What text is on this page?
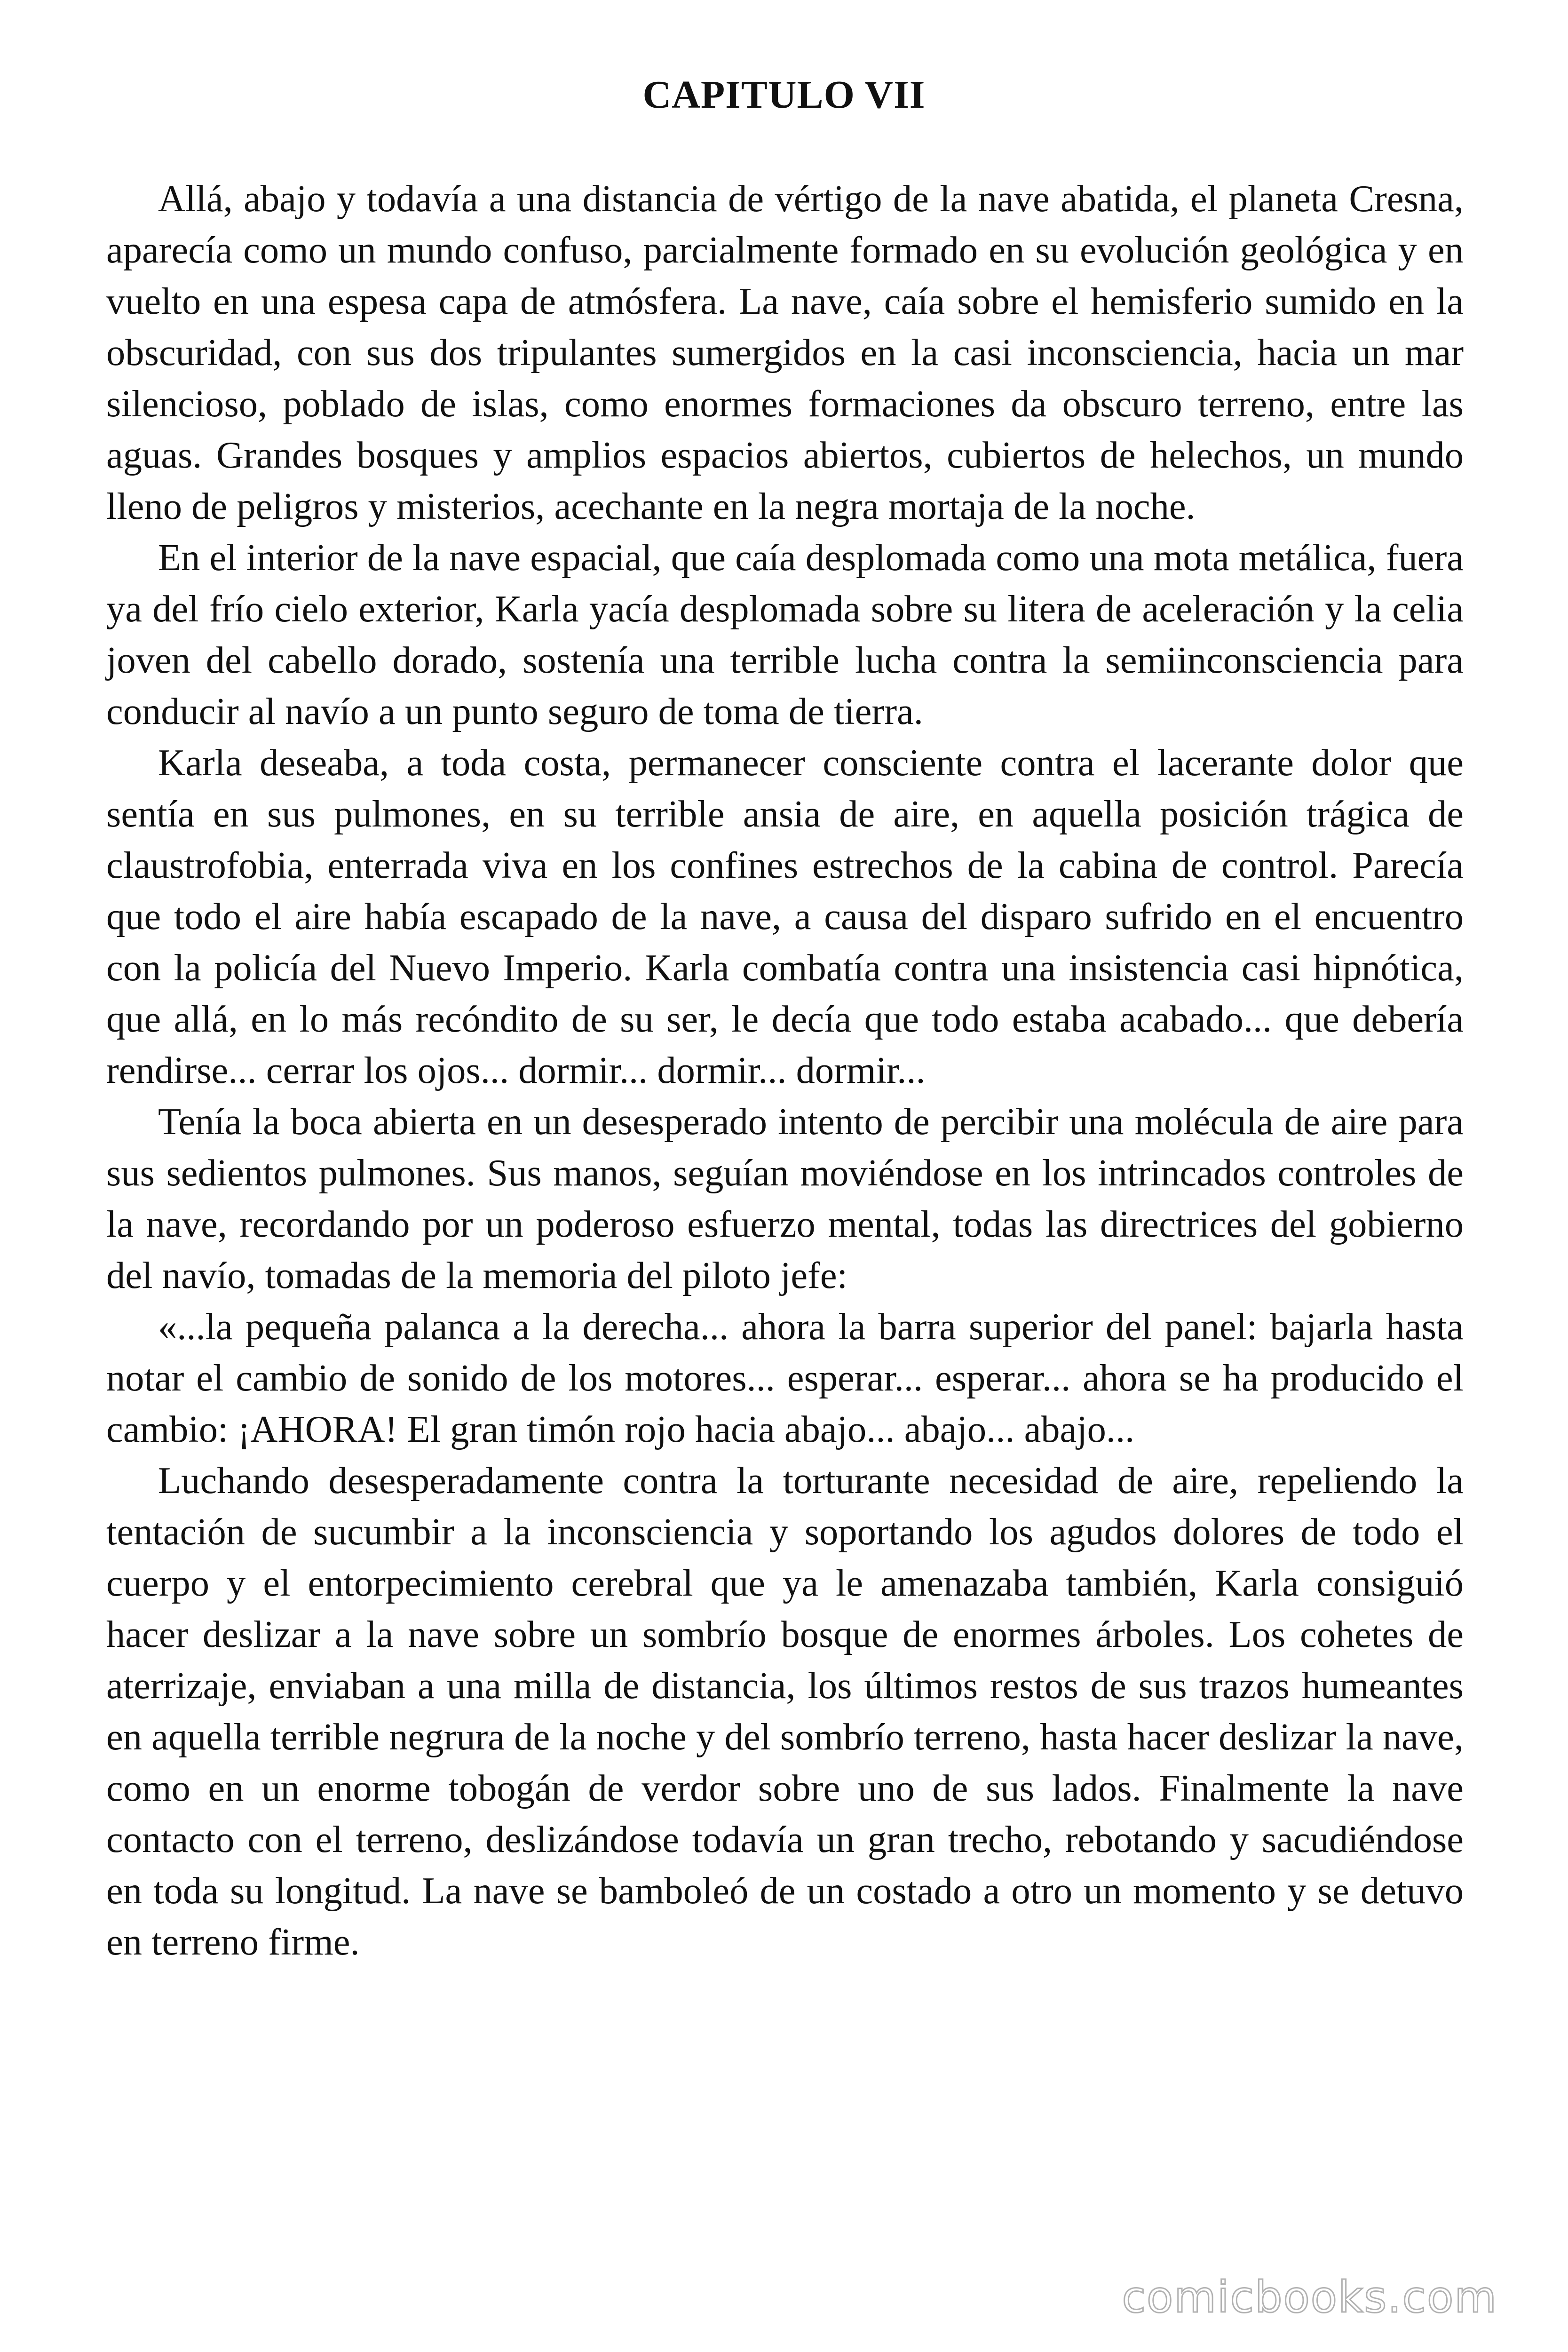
CAPITULO VII

Allá, abajo y todavía a una distancia de vértigo de la nave abatida, el planeta Cresna, aparecía como un mundo confuso, parcialmente formado en su evolución geológica y en vuelto en una espesa capa de atmósfera. La nave, caía sobre el hemisferio sumido en la obscuridad, con sus dos tripulantes sumergidos en la casi inconsciencia, hacia un mar silencioso, poblado de islas, como enormes formaciones da obscuro terreno, entre las aguas. Grandes bosques y amplios espacios abiertos, cubiertos de helechos, un mundo lleno de peligros y misterios, acechante en la negra mortaja de la noche.

En el interior de la nave espacial, que caía desplomada como una mota metálica, fuera ya del frío cielo exterior, Karla yacía desplomada sobre su litera de aceleración y la celia joven del cabello dorado, sostenía una terrible lucha contra la semiinconsciencia para conducir al navío a un punto seguro de toma de tierra.

Karla deseaba, a toda costa, permanecer consciente contra el lacerante dolor que sentía en sus pulmones, en su terrible ansia de aire, en aquella posición trágica de claustrofobia, enterrada viva en los confines estrechos de la cabina de control. Parecía que todo el aire había escapado de la nave, a causa del disparo sufrido en el encuentro con la policía del Nuevo Imperio. Karla combatía contra una insistencia casi hipnótica, que allá, en lo más recóndito de su ser, le decía que todo estaba acabado... que debería rendirse... cerrar los ojos... dormir... dormir... dormir...

Tenía la boca abierta en un desesperado intento de percibir una molécula de aire para sus sedientos pulmones. Sus manos, seguían moviéndose en los intrincados controles de la nave, recordando por un poderoso esfuerzo mental, todas las directrices del gobierno del navío, tomadas de la memoria del piloto jefe:

«...la pequeña palanca a la derecha... ahora la barra superior del panel: bajarla hasta notar el cambio de sonido de los motores... esperar... esperar... ahora se ha producido el cambio: ¡AHORA! El gran timón rojo hacia abajo... abajo... abajo...

Luchando desesperadamente contra la torturante necesidad de aire, repeliendo la tentación de sucumbir a la inconsciencia y soportando los agudos dolores de todo el cuerpo y el entorpecimiento cerebral que ya le amenazaba también, Karla consiguió hacer deslizar a la nave sobre un sombrío bosque de enormes árboles. Los cohetes de aterrizaje, enviaban a una milla de distancia, los últimos restos de sus trazos humeantes en aquella terrible negrura de la noche y del sombrío terreno, hasta hacer deslizar la nave, como en un enorme tobogán de verdor sobre uno de sus lados. Finalmente la nave contacto con el terreno, deslizándose todavía un gran trecho, rebotando y sacudiéndose en toda su longitud. La nave se bamboleó de un costado a otro un momento y se detuvo en terreno firme.

comicbooks.com
